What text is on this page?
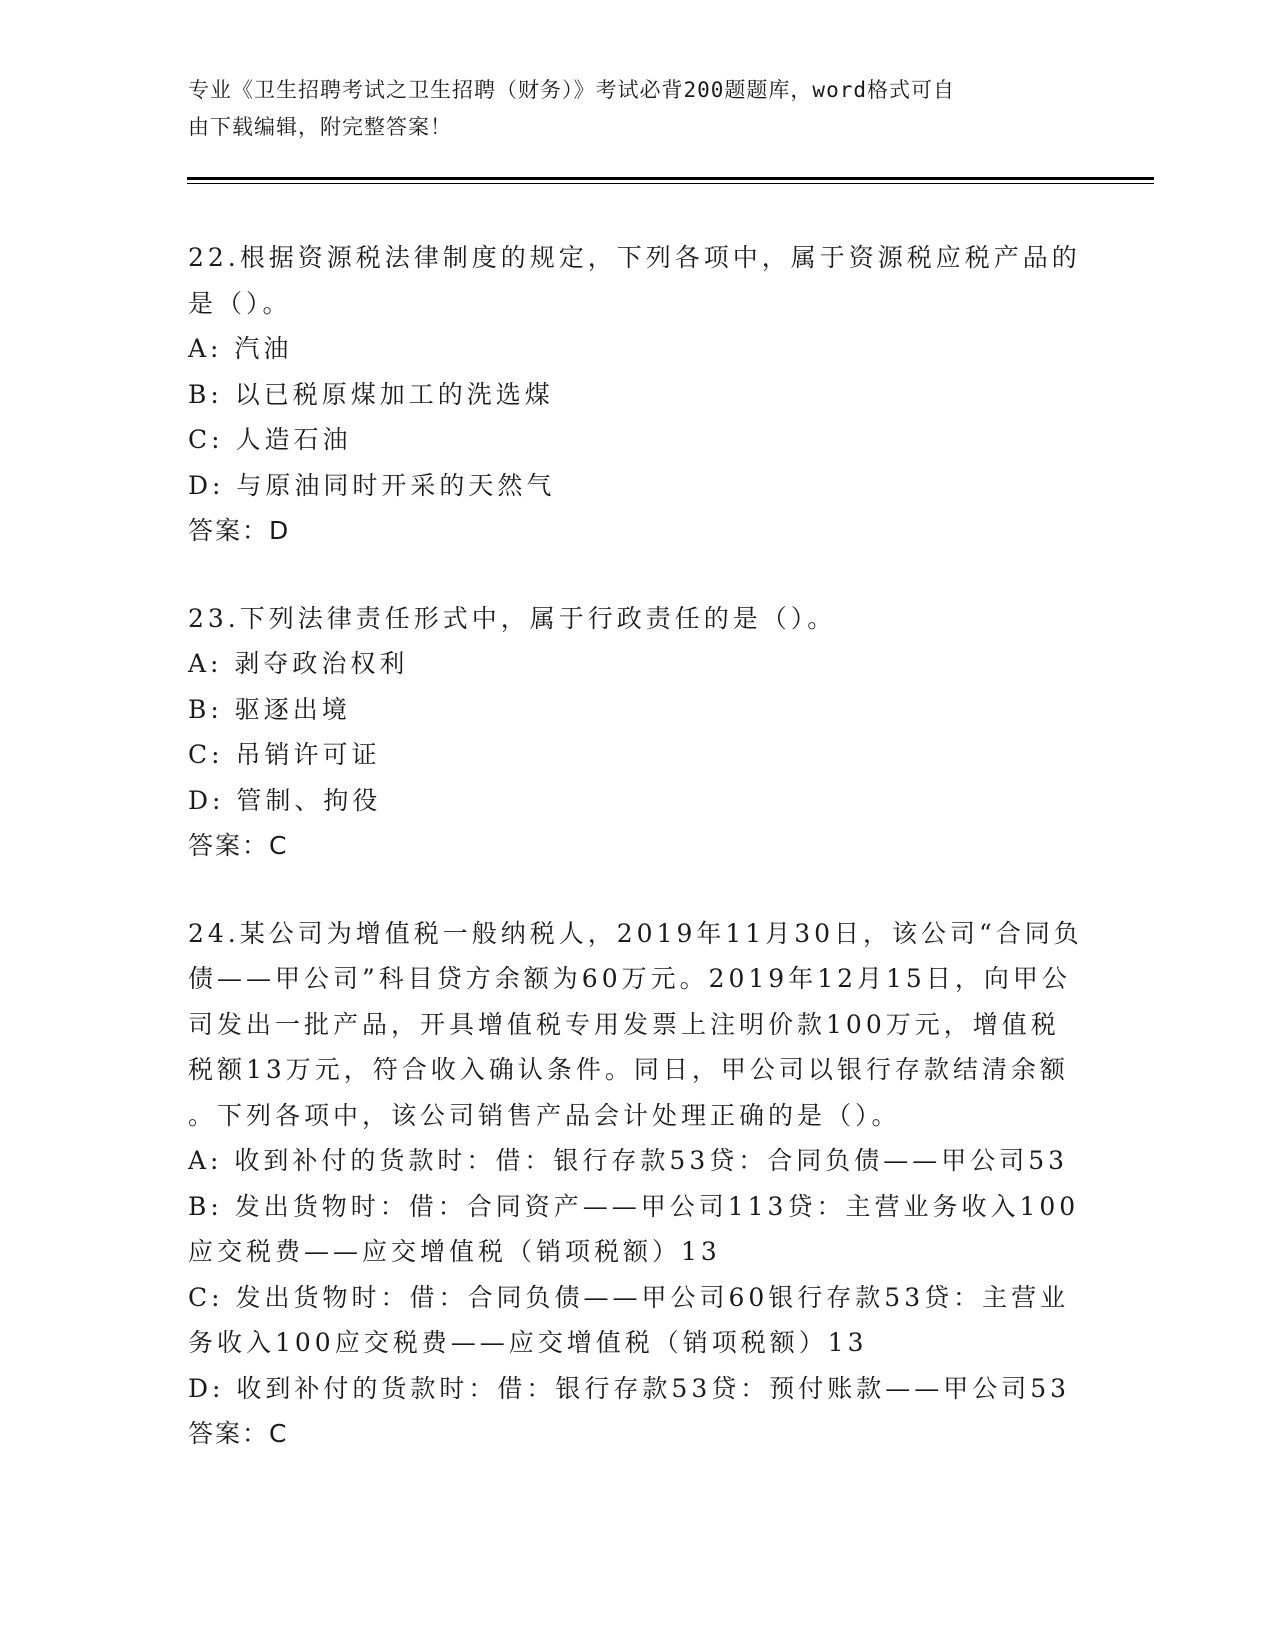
专业《卫生招聘考试之卫生招聘（财务）》考试必背200题题库，word格式可自
由下载编辑，附完整答案！

22.根据资源税法律制度的规定，下列各项中，属于资源税应税产品的

是（）。

A: 汽油

B: 以已税原煤加工的洗选煤

C: 人造石油

D: 与原油同时开采的天然气

答案：D

23.下列法律责任形式中，属于行政责任的是（）。

A: 剥夺政治权利

B: 驱逐出境

C: 吊销许可证

D: 管制、拘役

答案：C

24.某公司为增值税一般纳税人，2019年11月30日，该公司“合同负

债——甲公司”科目贷方余额为60万元。2019年12月15日，向甲公

司发出一批产品，开具增值税专用发票上注明价款100万元，增值税

税额13万元，符合收入确认条件。同日，甲公司以银行存款结清余额

。下列各项中，该公司销售产品会计处理正确的是（）。

A: 收到补付的货款时：借：银行存款53贷：合同负债——甲公司53

B: 发出货物时：借：合同资产——甲公司113贷：主营业务收入100

应交税费——应交增值税（销项税额）13

C: 发出货物时：借：合同负债——甲公司60银行存款53贷：主营业

务收入100应交税费——应交增值税（销项税额）13

D: 收到补付的货款时：借：银行存款53贷：预付账款——甲公司53

答案：C
